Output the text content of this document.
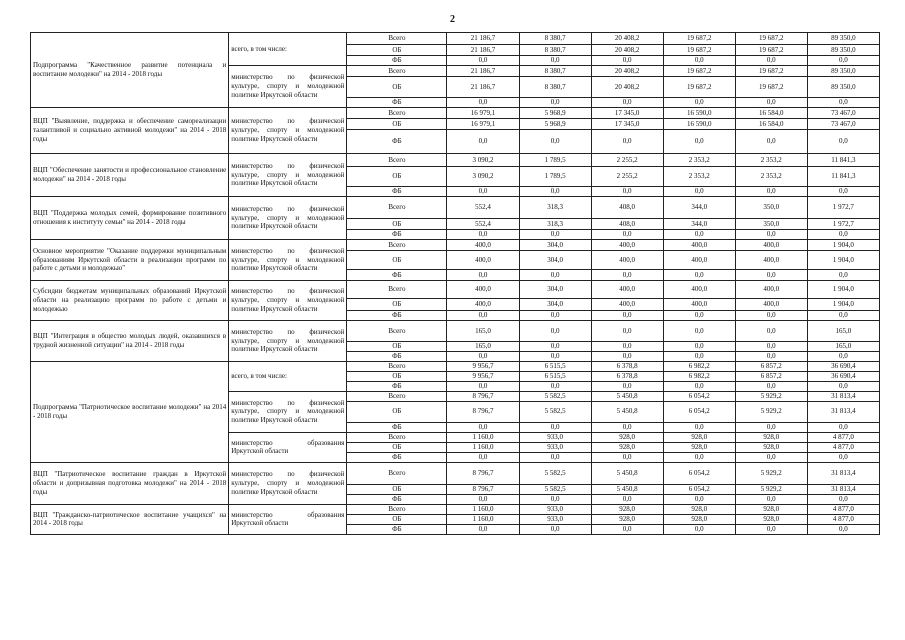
2
Подпрограмма "Качественное развитие потенциала и воспитание молодежи" на 2014 - 2018 годы	всего, в том числе:	Всего	21 186,7	8 380,7	20 408,2	19 687,2	19 687,2	89 350,0
		ОБ	21 186,7	8 380,7	20 408,2	19 687,2	19 687,2	89 350,0
		ФБ	0,0	0,0	0,0	0,0	0,0	0,0
	министерство по физической культуре, спорту и молодежной политике Иркутской области	Всего	21 186,7	8 380,7	20 408,2	19 687,2	19 687,2	89 350,0
		ОБ	21 186,7	8 380,7	20 408,2	19 687,2	19 687,2	89 350,0
		ФБ	0,0	0,0	0,0	0,0	0,0	0,0
ВЦП "Выявление, поддержка и обеспечение самореализации талантливой и социально активной молодежи" на 2014 - 2018 годы	министерство по физической культуре, спорту и молодежной политике Иркутской области	Всего	16 979,1	5 968,9	17 345,0	16 590,0	16 584,0	73 467,0
		ОБ	16 979,1	5 968,9	17 345,0	16 590,0	16 584,0	73 467,0
		ФБ	0,0	0,0	0,0	0,0	0,0	0,0
ВЦП "Обеспечение занятости и профессиональное становление молодежи" на 2014 - 2018 годы	министерство по физической культуре, спорту и молодежной политике Иркутской области	Всего	3 090,2	1 789,5	2 255,2	2 353,2	2 353,2	11 841,3
		ОБ	3 090,2	1 789,5	2 255,2	2 353,2	2 353,2	11 841,3
		ФБ	0,0	0,0	0,0	0,0	0,0	0,0
ВЦП "Поддержка молодых семей, формирование позитивного отношения к институту семьи" на 2014 - 2018 годы	министерство по физической культуре, спорту и молодежной политике Иркутской области	Всего	552,4	318,3	408,0	344,0	350,0	1 972,7
		ОБ	552,4	318,3	408,0	344,0	350,0	1 972,7
		ФБ	0,0	0,0	0,0	0,0	0,0	0,0
Основное мероприятие "Оказание поддержки муниципальным образованиям Иркутской области в реализации программ по работе с детьми и молодежью"	министерство по физической культуре, спорту и молодежной политике Иркутской области	Всего	400,0	304,0	400,0	400,0	400,0	1 904,0
		ОБ	400,0	304,0	400,0	400,0	400,0	1 904,0
		ФБ	0,0	0,0	0,0	0,0	0,0	0,0
Субсидии бюджетам муниципальных образований Иркутской области на реализацию программ по работе с детьми и молодежью	министерство по физической культуре, спорту и молодежной политике Иркутской области	Всего	400,0	304,0	400,0	400,0	400,0	1 904,0
		ОБ	400,0	304,0	400,0	400,0	400,0	1 904,0
		ФБ	0,0	0,0	0,0	0,0	0,0	0,0
ВЦП "Интеграция в общество молодых людей, оказавшихся в трудной жизненной ситуации" на 2014 - 2018 годы	министерство по физической культуре, спорту и молодежной политике Иркутской области	Всего	165,0	0,0	0,0	0,0	0,0	165,0
		ОБ	165,0	0,0	0,0	0,0	0,0	165,0
		ФБ	0,0	0,0	0,0	0,0	0,0	0,0
Подпрограмма "Патриотическое воспитание молодежи" на 2014 - 2018 годы	всего, в том числе:	Всего	9 956,7	6 515,5	6 378,8	6 982,2	6 857,2	36 690,4
		ОБ	9 956,7	6 515,5	6 378,8	6 982,2	6 857,2	36 690,4
		ФБ	0,0	0,0	0,0	0,0	0,0	0,0
	министерство по физической культуре, спорту и молодежной политике Иркутской области	Всего	8 796,7	5 582,5	5 450,8	6 054,2	5 929,2	31 813,4
		ОБ	8 796,7	5 582,5	5 450,8	6 054,2	5 929,2	31 813,4
		ФБ	0,0	0,0	0,0	0,0	0,0	0,0
	министерство образования Иркутской области	Всего	1 160,0	933,0	928,0	928,0	928,0	4 877,0
		ОБ	1 160,0	933,0	928,0	928,0	928,0	4 877,0
		ФБ	0,0	0,0	0,0	0,0	0,0	0,0
ВЦП "Патриотическое воспитание граждан в Иркутской области и допризывная подготовка молодежи" на 2014 - 2018 годы	министерство по физической культуре, спорту и молодежной политике Иркутской области	Всего	8 796,7	5 582,5	5 450,8	6 054,2	5 929,2	31 813,4
		ОБ	8 796,7	5 582,5	5 450,8	6 054,2	5 929,2	31 813,4
		ФБ	0,0	0,0	0,0	0,0	0,0	0,0
ВЦП "Гражданско-патриотическое воспитание учащихся" на 2014 - 2018 годы	министерство образования Иркутской области	Всего	1 160,0	933,0	928,0	928,0	928,0	4 877,0
		ОБ	1 160,0	933,0	928,0	928,0	928,0	4 877,0
		ФБ	0,0	0,0	0,0	0,0	0,0	0,0
